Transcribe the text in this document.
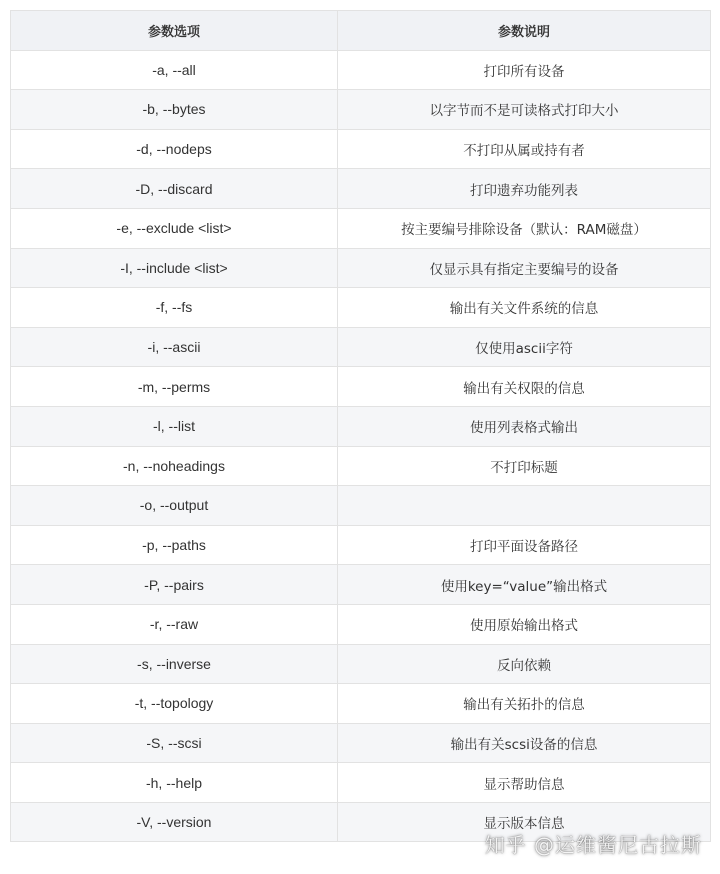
参数选项	参数说明
-a, --all	打印所有设备
-b, --bytes	以字节而不是可读格式打印大小
-d, --nodeps	不打印从属或持有者
-D, --discard	打印遗弃功能列表
-e, --exclude <list>	按主要编号排除设备（默认：RAM磁盘）
-I, --include <list>	仅显示具有指定主要编号的设备
-f, --fs	输出有关文件系统的信息
-i, --ascii	仅使用ascii字符
-m, --perms	输出有关权限的信息
-l, --list	使用列表格式输出
-n, --noheadings	不打印标题
-o, --output	
-p, --paths	打印平面设备路径
-P, --pairs	使用key=“value”输出格式
-r, --raw	使用原始输出格式
-s, --inverse	反向依赖
-t, --topology	输出有关拓扑的信息
-S, --scsi	输出有关scsi设备的信息
-h, --help	显示帮助信息
-V, --version	显示版本信息
知乎 @运维酱尼古拉斯
